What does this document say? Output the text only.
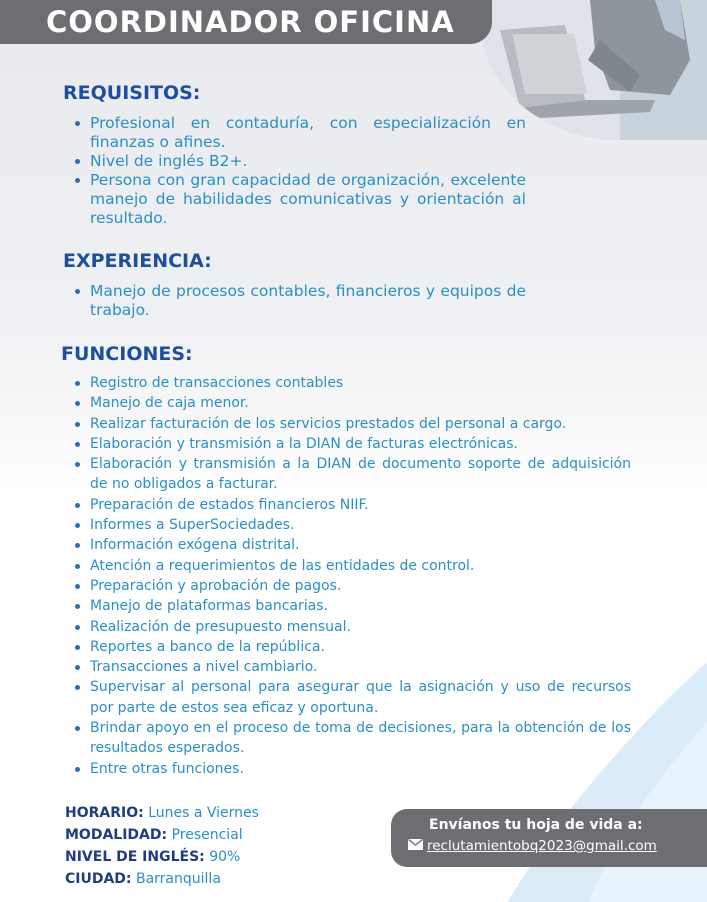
COORDINADOR OFICINA
REQUISITOS:
Profesional en contaduría, con especialización en finanzas o afines.
Nivel de inglés B2+.
Persona con gran capacidad de organización, excelente manejo de habilidades comunicativas y orientación al resultado.
EXPERIENCIA:
Manejo de procesos contables, financieros y equipos de trabajo.
FUNCIONES:
Registro de transacciones contables
Manejo de caja menor.
Realizar facturación de los servicios prestados del personal a cargo.
Elaboración y transmisión a la DIAN de facturas electrónicas.
Elaboración y transmisión a la DIAN de documento soporte de adquisición de no obligados a facturar.
Preparación de estados financieros NIIF.
Informes a SuperSociedades.
Información exógena distrital.
Atención a requerimientos de las entidades de control.
Preparación y aprobación de pagos.
Manejo de plataformas bancarias.
Realización de presupuesto mensual.
Reportes a banco de la república.
Transacciones a nivel cambiario.
Supervisar al personal para asegurar que la asignación y uso de recursos por parte de estos sea eficaz y oportuna.
Brindar apoyo en el proceso de toma de decisiones, para la obtención de los resultados esperados.
Entre otras funciones.
HORARIO: Lunes a Viernes
MODALIDAD: Presencial
NIVEL DE INGLÉS: 90%
CIUDAD: Barranquilla
Envíanos tu hoja de vida a:
reclutamientobq2023@gmail.com
